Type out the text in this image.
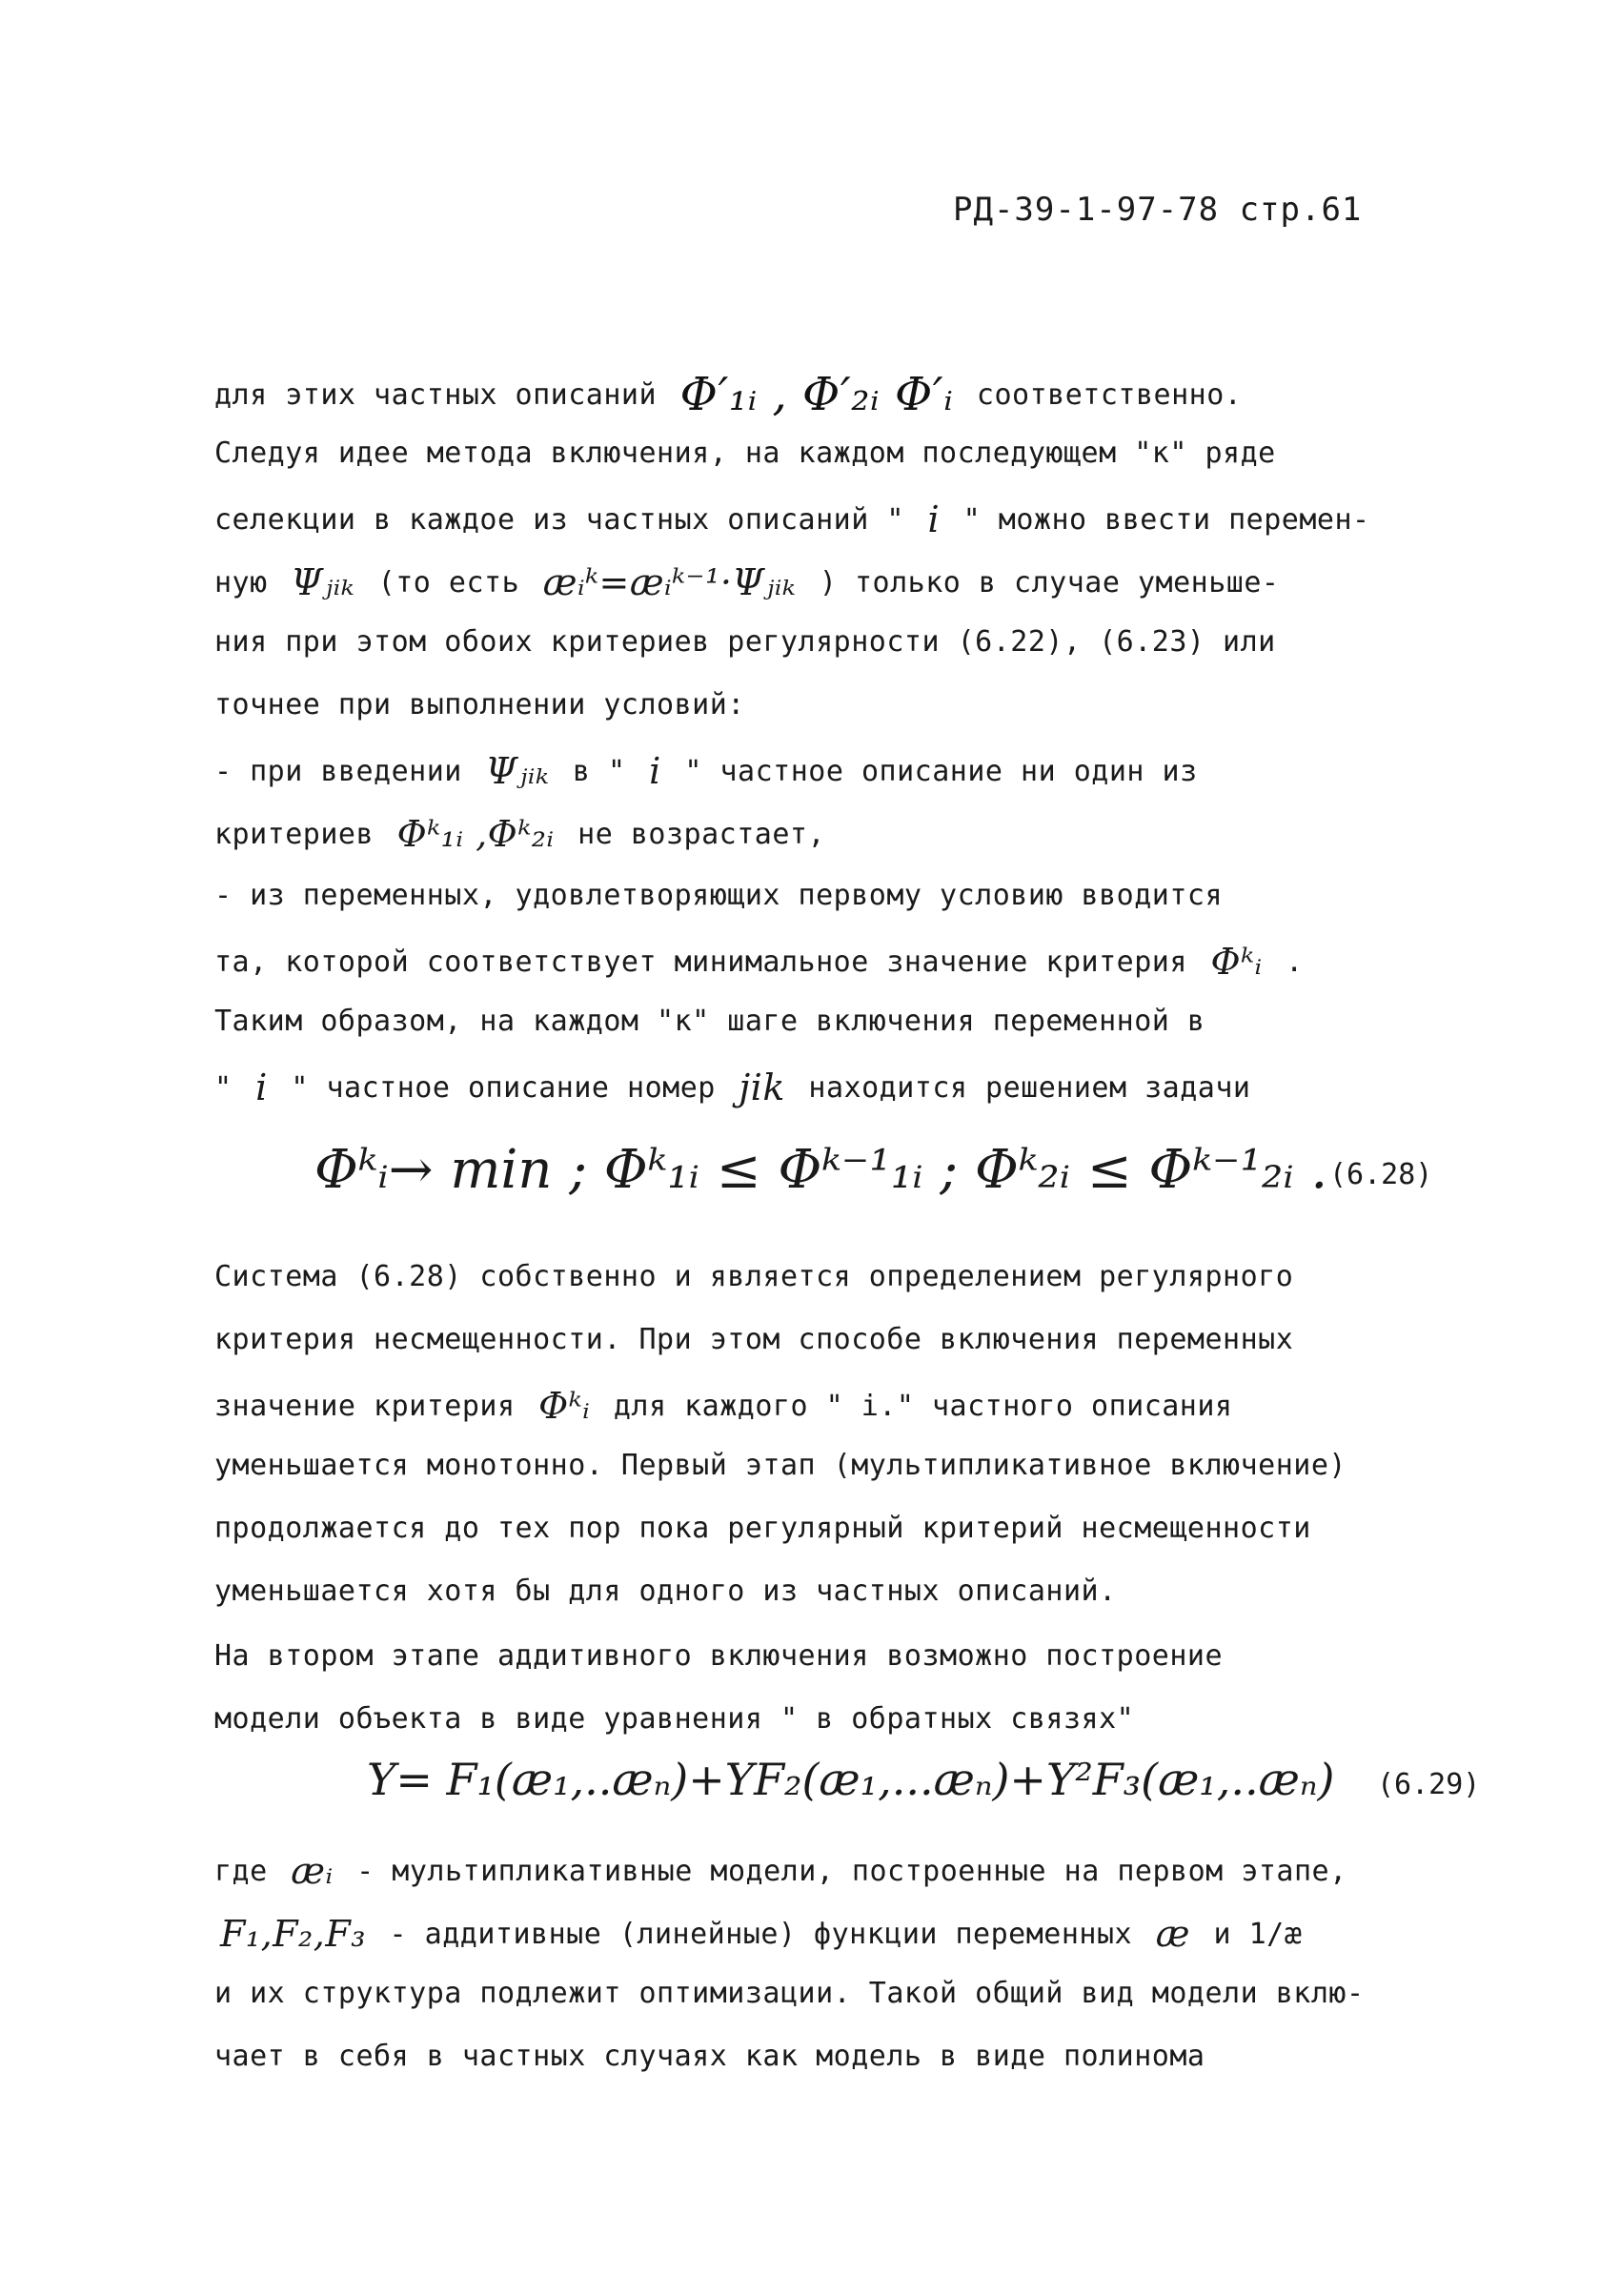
РД-39-1-97-78 стр.61
для этих частных описаний Φ′₁ᵢ , Φ′₂ᵢ Φ′ᵢ соответственно.
Следуя идее метода включения, на каждом последующем "к" ряде
селекции в каждое из частных описаний " i " можно ввести перемен-
ную Ψⱼᵢₖ (то есть æᵢᵏ=æᵢᵏ⁻¹·Ψⱼᵢₖ ) только в случае уменьше-
ния при этом обоих критериев регулярности (6.22), (6.23) или
точнее при выполнении условий:
- при введении Ψⱼᵢₖ в " i " частное описание ни один из
критериев Φᵏ₁ᵢ ,Φᵏ₂ᵢ не возрастает,
- из переменных, удовлетворяющих первому условию вводится
та, которой соответствует минимальное значение критерия Φᵏᵢ .
Таким образом, на каждом "к" шаге включения переменной в
" i " частное описание номер jik находится решением задачи
Φᵏᵢ→ min ; Φᵏ₁ᵢ ≤ Φᵏ⁻¹₁ᵢ ; Φᵏ₂ᵢ ≤ Φᵏ⁻¹₂ᵢ . (6.28)
Система (6.28) собственно и является определением регулярного
критерия несмещенности. При этом способе включения переменных
значение критерия Φᵏᵢ для каждого " i." частного описания
уменьшается монотонно. Первый этап (мультипликативное включение)
продолжается до тех пор пока регулярный критерий несмещенности
уменьшается хотя бы для одного из частных описаний.
На втором этапе аддитивного включения возможно построение
модели объекта в виде уравнения " в обратных связях"
Y= F₁(æ₁,..æₙ)+YF₂(æ₁,...æₙ)+Y²F₃(æ₁,..æₙ) (6.29)
где æᵢ - мультипликативные модели, построенные на первом этапе,
F₁,F₂,F₃ - аддитивные (линейные) функции переменных æ и 1/æ
и их структура подлежит оптимизации. Такой общий вид модели вклю-
чает в себя в частных случаях как модель в виде полинома
